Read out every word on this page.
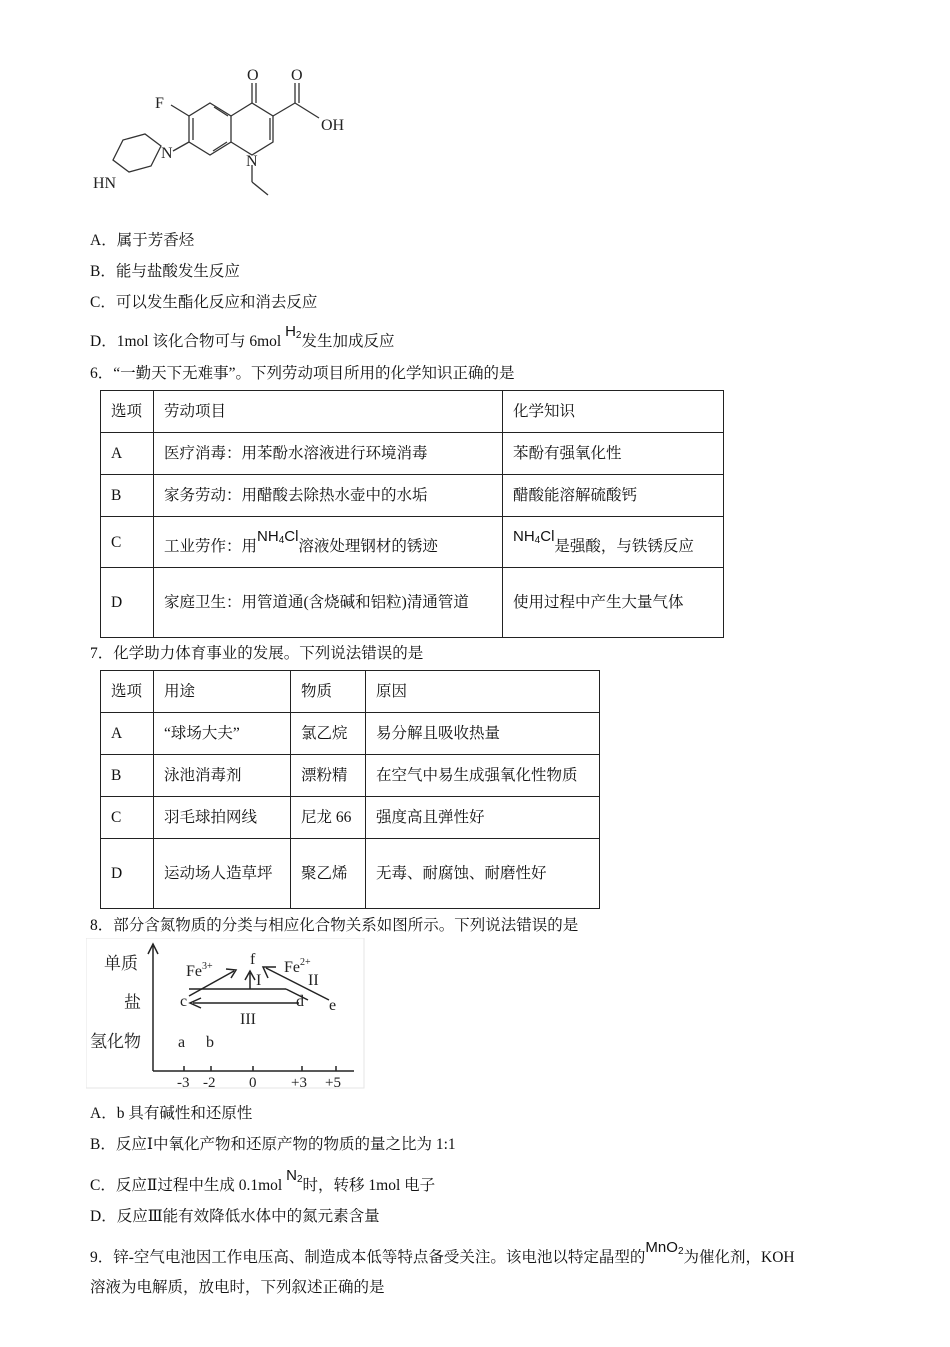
O O
OH
F
N
N
HN
A．属于芳香烃
B．能与盐酸发生反应
C．可以发生酯化反应和消去反应
D．1mol 该化合物可与 6mol $H_2$发生加成反应
6．“一勤天下无难事”。下列劳动项目所用的化学知识正确的是
选项	劳动项目	化学知识
A	医疗消毒：用苯酚水溶液进行环境消毒	苯酚有强氧化性
B	家务劳动：用醋酸去除热水壶中的水垢	醋酸能溶解硫酸钙
C	工业劳作：用$NH_4Cl$溶液处理钢材的锈迹	$NH_4Cl$是强酸，与铁锈反应
D	家庭卫生：用管道通(含烧碱和铝粒)清通管道	使用过程中产生大量气体
7．化学助力体育事业的发展。下列说法错误的是
选项	用途	物质	原因
A	“球场大夫”	氯乙烷	易分解且吸收热量
B	泳池消毒剂	漂粉精	在空气中易生成强氧化性物质
C	羽毛球拍网线	尼龙 66	强度高且弹性好
D	运动场人造草坪	聚乙烯	无毒、耐腐蚀、耐磨性好
8．部分含氮物质的分类与相应化合物关系如图所示。下列说法错误的是
单质
盐
氢化物 a b
c	d e
f
I	II
III
$Fe^{3+}$	$Fe^{2+}$
-3 -2 0 +3 +5
A．b 具有碱性和还原性
B．反应Ⅰ中氧化产物和还原产物的物质的量之比为 1:1
C．反应Ⅱ过程中生成 0.1mol $N_2$时，转移 1mol 电子
D．反应Ⅲ能有效降低水体中的氮元素含量
9．锌-空气电池因工作电压高、制造成本低等特点备受关注。该电池以特定晶型的MnO$_2$为催化剂，KOH
溶液为电解质，放电时，下列叙述正确的是
